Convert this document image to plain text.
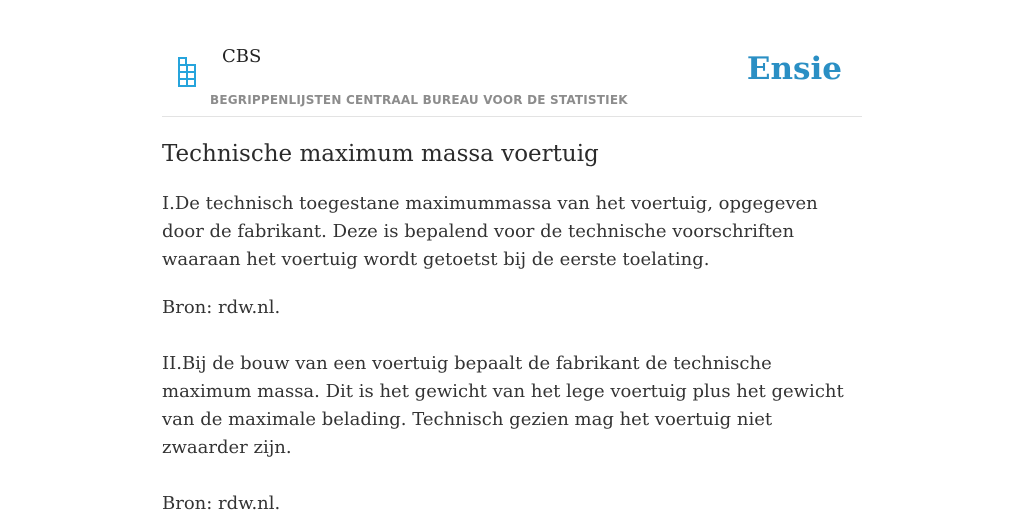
CBS
BEGRIPPENLIJSTEN CENTRAAL BUREAU VOOR DE STATISTIEK
Ensie
Technische maximum massa voertuig

I.De technisch toegestane maximummassa van het voertuig, opgegeven door de fabrikant. Deze is bepalend voor de technische voorschriften waaraan het voertuig wordt getoetst bij de eerste toelating.

Bron: rdw.nl.

II.Bij de bouw van een voertuig bepaalt de fabrikant de technische maximum massa. Dit is het gewicht van het lege voertuig plus het gewicht van de maximale belading. Technisch gezien mag het voertuig niet zwaarder zijn.

Bron: rdw.nl.
